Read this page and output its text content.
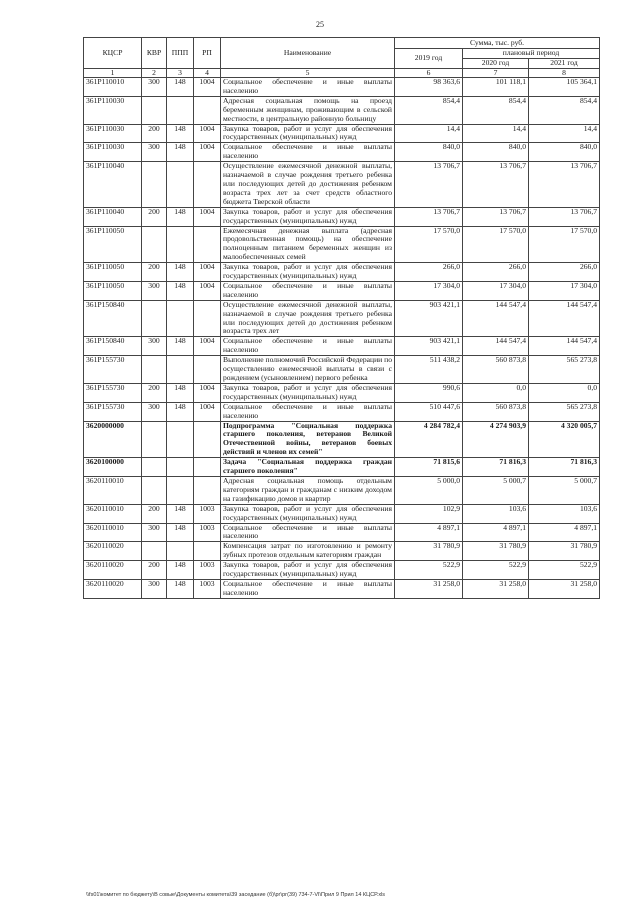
25
КЦСР	КВР	ППП	РП	Наименование	Сумма, тыс. руб.		
					2019 год	плановый период	
						2020 год	2021 год
1	2	3	4	5	6	7	8
361P110010	300	148	1004	Социальное обеспечение и иные выплаты населению	98 363,6	101 118,1	105 364,1
361P110030				Адресная социальная помощь на проезд беременным женщинам, проживающим в сельской местности, в центральную районную больницу	854,4	854,4	854,4
361P110030	200	148	1004	Закупка товаров, работ и услуг для обеспечения государственных (муниципальных) нужд	14,4	14,4	14,4
361P110030	300	148	1004	Социальное обеспечение и иные выплаты населению	840,0	840,0	840,0
361P110040				Осуществление ежемесячной денежной выплаты, назначаемой в случае рождения третьего ребенка или последующих детей до достижения ребенком возраста трех лет за счет средств областного бюджета Тверской области	13 706,7	13 706,7	13 706,7
361P110040	200	148	1004	Закупка товаров, работ и услуг для обеспечения государственных (муниципальных) нужд	13 706,7	13 706,7	13 706,7
361P110050				Ежемесячная денежная выплата (адресная продовольственная помощь) на обеспечение полноценным питанием беременных женщин из малообеспеченных семей	17 570,0	17 570,0	17 570,0
361P110050	200	148	1004	Закупка товаров, работ и услуг для обеспечения государственных (муниципальных) нужд	266,0	266,0	266,0
361P110050	300	148	1004	Социальное обеспечение и иные выплаты населению	17 304,0	17 304,0	17 304,0
361P150840				Осуществление ежемесячной денежной выплаты, назначаемой в случае рождения третьего ребенка или последующих детей до достижения ребенком возраста трех лет	903 421,1	144 547,4	144 547,4
361P150840	300	148	1004	Социальное обеспечение и иные выплаты населению	903 421,1	144 547,4	144 547,4
361P155730				Выполнение полномочий Российской Федерации по осуществлению ежемесячной выплаты в связи с рождением (усыновлением) первого ребенка	511 438,2	560 873,8	565 273,8
361P155730	200	148	1004	Закупка товаров, работ и услуг для обеспечения государственных (муниципальных) нужд	990,6	0,0	0,0
361P155730	300	148	1004	Социальное обеспечение и иные выплаты населению	510 447,6	560 873,8	565 273,8
3620000000				Подпрограмма "Социальная поддержка старшего поколения, ветеранов Великой Отечественной войны, ветеранов боевых действий и членов их семей"	4 284 782,4	4 274 903,9	4 320 005,7
3620100000				Задача "Социальная поддержка граждан старшего поколения"	71 815,6	71 816,3	71 816,3
3620110010				Адресная социальная помощь отдельным категориям граждан и гражданам с низким доходом на газификацию домов и квартир	5 000,0	5 000,7	5 000,7
3620110010	200	148	1003	Закупка товаров, работ и услуг для обеспечения государственных (муниципальных) нужд	102,9	103,6	103,6
3620110010	300	148	1003	Социальное обеспечение и иные выплаты населению	4 897,1	4 897,1	4 897,1
3620110020				Компенсация затрат по изготовлению и ремонту зубных протезов отдельным категориям граждан	31 780,9	31 780,9	31 780,9
3620110020	200	148	1003	Закупка товаров, работ и услуг для обеспечения государственных (муниципальных) нужд	522,9	522,9	522,9
3620110020	300	148	1003	Социальное обеспечение и иные выплаты населению	31 258,0	31 258,0	31 258,0
\\fs01\комитет по бюджету\В совые\Документы комитета\39 заседание (б)\рг\рг(39) 734-7-VI\Прил 9 Прил 14 КЦСР.xls
